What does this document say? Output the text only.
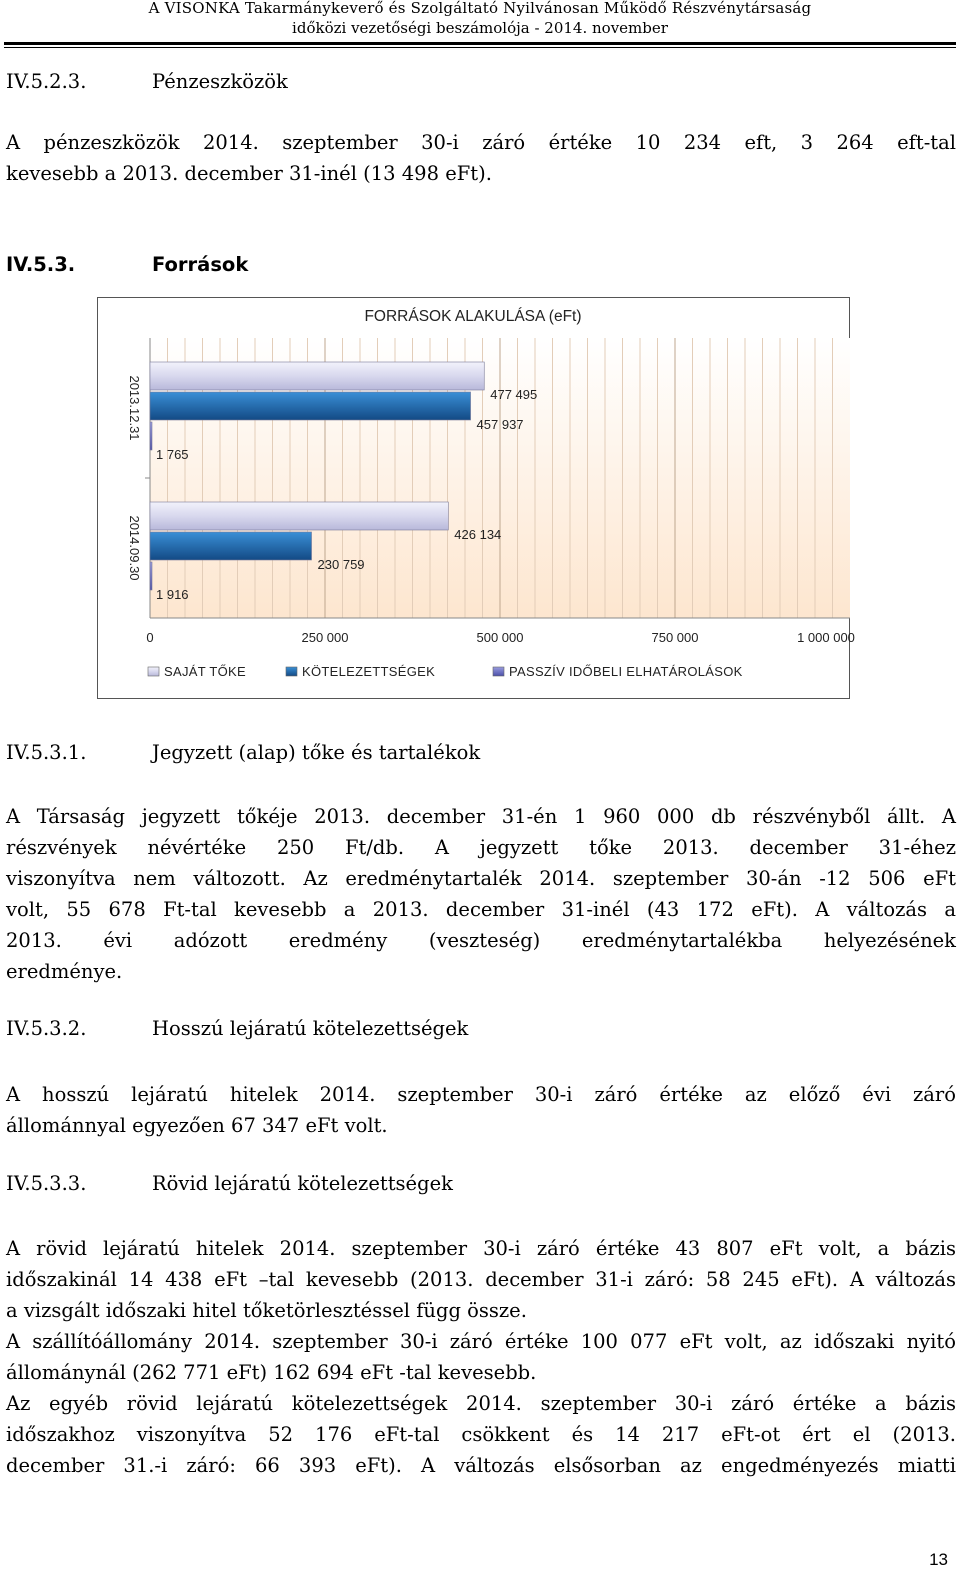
A VISONKA Takarmánykeverő és Szolgáltató Nyilvánosan Működő Részvénytársaság
időközi vezetőségi beszámolója - 2014. november
IV.5.2.3.	Pénzeszközök
A pénzeszközök 2014. szeptember 30-i záró értéke 10 234 eft, 3 264 eft-tal
kevesebb a 2013. december 31-inél (13 498 eFt).
IV.5.3.	Források
FORRÁSOK ALAKULÁSA (eFt)
0	250 000	500 000	750 000	1 000 000
2013.12.31	477 495
457 937
1 765
2014.09.30	426 134
230 759
1 916
SAJÁT TŐKE	KÖTELEZETTSÉGEK	PASSZÍV IDŐBELI ELHATÁROLÁSOK
IV.5.3.1.	Jegyzett (alap) tőke és tartalékok
A Társaság jegyzett tőkéje 2013. december 31-én 1 960 000 db részvényből állt. A
részvények névértéke 250 Ft/db. A jegyzett tőke 2013. december 31-éhez
viszonyítva nem változott. Az eredménytartalék 2014. szeptember 30-án -12 506 eFt
volt, 55 678 Ft-tal kevesebb a 2013. december 31-inél (43 172 eFt). A változás a
2013. évi adózott eredmény (veszteség) eredménytartalékba helyezésének
eredménye.
IV.5.3.2.	Hosszú lejáratú kötelezettségek
A hosszú lejáratú hitelek 2014. szeptember 30-i záró értéke az előző évi záró
állománnyal egyezően 67 347 eFt volt.
IV.5.3.3.	Rövid lejáratú kötelezettségek
A rövid lejáratú hitelek 2014. szeptember 30-i záró értéke 43 807 eFt volt, a bázis
időszakinál 14 438 eFt –tal kevesebb (2013. december 31-i záró: 58 245 eFt). A változás
a vizsgált időszaki hitel tőketörlesztéssel függ össze.
A szállítóállomány 2014. szeptember 30-i záró értéke 100 077 eFt volt, az időszaki nyitó
állománynál (262 771 eFt) 162 694 eFt -tal kevesebb.
Az egyéb rövid lejáratú kötelezettségek 2014. szeptember 30-i záró értéke a bázis
időszakhoz viszonyítva 52 176 eFt-tal csökkent és 14 217 eFt-ot ért el (2013.
december 31.-i záró: 66 393 eFt). A változás elsősorban az engedményezés miatti
13
